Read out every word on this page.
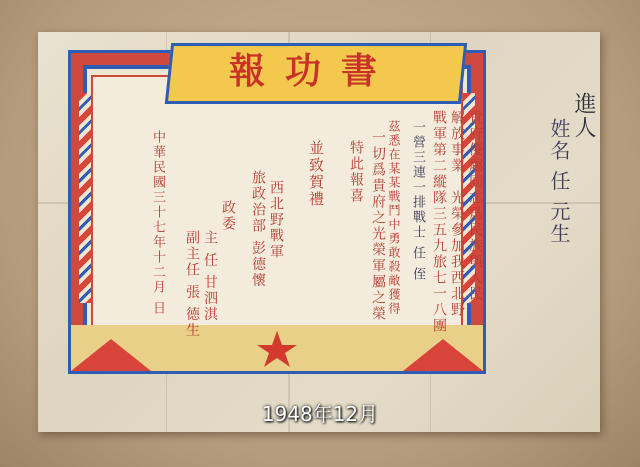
報功書
貴府優屬同志爲民族與人民
解放事業，光榮參加我西北野
戰軍第二縱隊三五九旅七一八團
一營三連一排戰士 任 侄
茲悉在某某戰鬥中勇敢殺敵獲得
一切爲貴府之光榮軍屬之榮
特此報喜
並致賀禮
西北野戰軍
旅政治部 彭德懷
政委
主 任 甘泗淇
副主任 張 德生
中華民國三十七年十二月 日
進人
姓名 任 元生
1948年12月
